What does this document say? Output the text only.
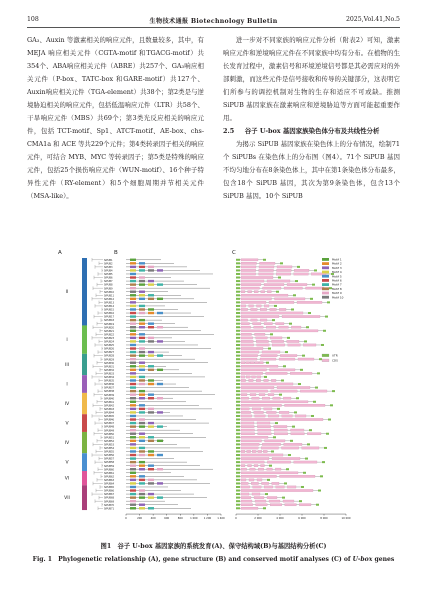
108	生物技术通报 Biotechnology Bulletin	2025,Vol.41,No.5

GA₃、Auxin 等激素相关的响应元件，且数量较多，其中，有 MEJA 响应相关元件（CGTA-motif 和TGACG-motif）共354个、ABA响应相关元件（ABRE）共257个、GA₃响应相关元件（P-box、TATC-box 和GARE-motif）共127个、Auxin响应相关元件（TGA-element）共38个；第2类是与逆境胁迫相关的响应元件，包括低温响应元件（LTR）共58个、干旱响应元件（MBS）共69个；第3类光反应相关的响应元件，包括 TCT-motif、Sp1、ATCT-motif、AE-box、chs-CMA1a 和 ACE 等共229个元件；第4类转录因子相关的响应元件，可结合 MYB、MYC 等转录因子；第5类是特殊的响应元件，包括25个损伤响应元件（WUN-motif）、16个种子特异性元件（RY-element）和5个细胞周期并节相关元件（MSA-like）。

进一步对不同家族的响应元件分析（附表2）可知，激素响应元件和逆境响应元件在不同家族中均有分布。在植物的生长发育过程中，激素信号和环境逆境信号都是其必需应对的外部刺激，而这些元件是信号接收和传导的关键部分，这表明它们所参与的调控机制对生物的生存和适应不可或缺。推测 SiPUB 基因家族在激素响应和逆境胁迫等方面可能起重要作用。

2.5 谷子 U-box 基因家族染色体分布及共线性分析

为揭示 SiPUB 基因家族在染色体上的分布情况，绘制71个 SiPUBs 在染色体上的分布图（图4）。71个 SiPUB 基因不均匀地分布在8条染色体上，其中在第1条染色体分布最多，包含18个 SiPUB 基因，其次为第9条染色体，包含13个 SiPUB 基因。10个 SiPUB

A	B	C
II
I
III
I
IV
V
IV
V
VI
VII
SiPUB1
SiPUB2
SiPUB3
SiPUB4
SiPUB5
SiPUB6
SiPUB7
SiPUB8
SiPUB9
SiPUB10
SiPUB11
SiPUB12
SiPUB13
SiPUB14
SiPUB15
SiPUB16
SiPUB17
SiPUB18
SiPUB19
SiPUB20
SiPUB21
SiPUB22
SiPUB23
SiPUB24
SiPUB25
SiPUB26
SiPUB27
SiPUB28
SiPUB29
SiPUB30
SiPUB31
SiPUB32
SiPUB33
SiPUB34
SiPUB35
SiPUB36
SiPUB37
SiPUB38
SiPUB39
SiPUB40
SiPUB41
SiPUB42
SiPUB43
SiPUB44
SiPUB45
SiPUB46
SiPUB47
SiPUB48
SiPUB49
SiPUB50
SiPUB51
SiPUB52
SiPUB53
SiPUB54
SiPUB55
SiPUB56
SiPUB57
SiPUB58
SiPUB59
SiPUB60
SiPUB61
SiPUB62
SiPUB63
SiPUB64
SiPUB65
SiPUB66
SiPUB67
SiPUB68
SiPUB69
SiPUB70
SiPUB71
0	200	400	600	800	1 000 1 200 1 400	0	2 000	4 000	6 000	8 000	10 000
Motif 1
Motif 2
Motif 3
Motif 4
Motif 5
Motif 6
Motif 7
Motif 8
Motif 9
Motif 10
UTR
CDS
图1　谷子 U-box 基因家族的系统发育(A)、保守结构域(B)与基因结构分析(C)
Fig. 1　Phylogenetic relationship (A), gene structure (B) and conserved motif analyses (C) of U-box genes
